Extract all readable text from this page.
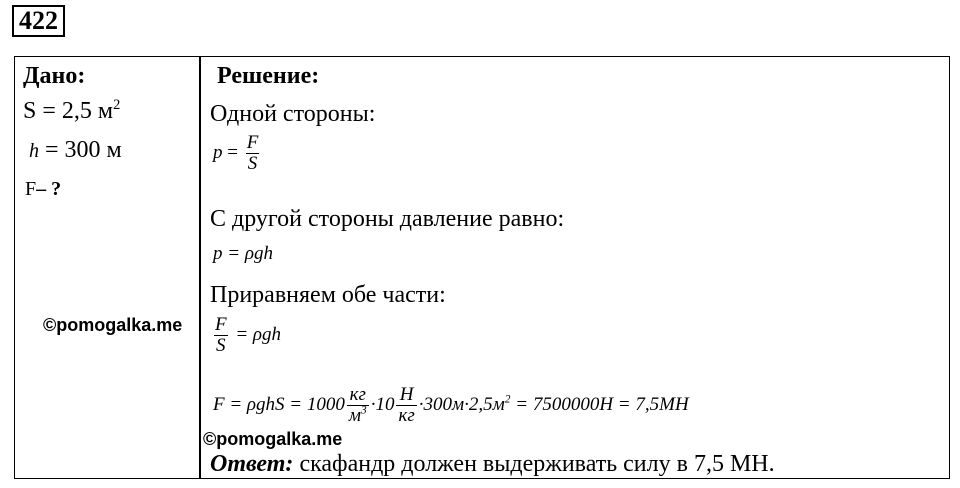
422
Дано:
S = 2,5 $м^2$
h = 300 м
F– ?
©pomogalka.me
Решение:
Одной стороны:
$p = \frac{F}{S}$
С другой стороны давление равно:
p = ρgh
Приравняем обе части:
$\frac{F}{S} = \rho gh$
$F = \rho ghS = 1000 \frac{кг}{м^3} \cdot 10 \frac{Н}{кг} \cdot 300м\cdot 2,5м^2 = 7500000Н = 7,5МН$
©pomogalka.me
Ответ: скафандр должен выдерживать силу в 7,5 МН.
